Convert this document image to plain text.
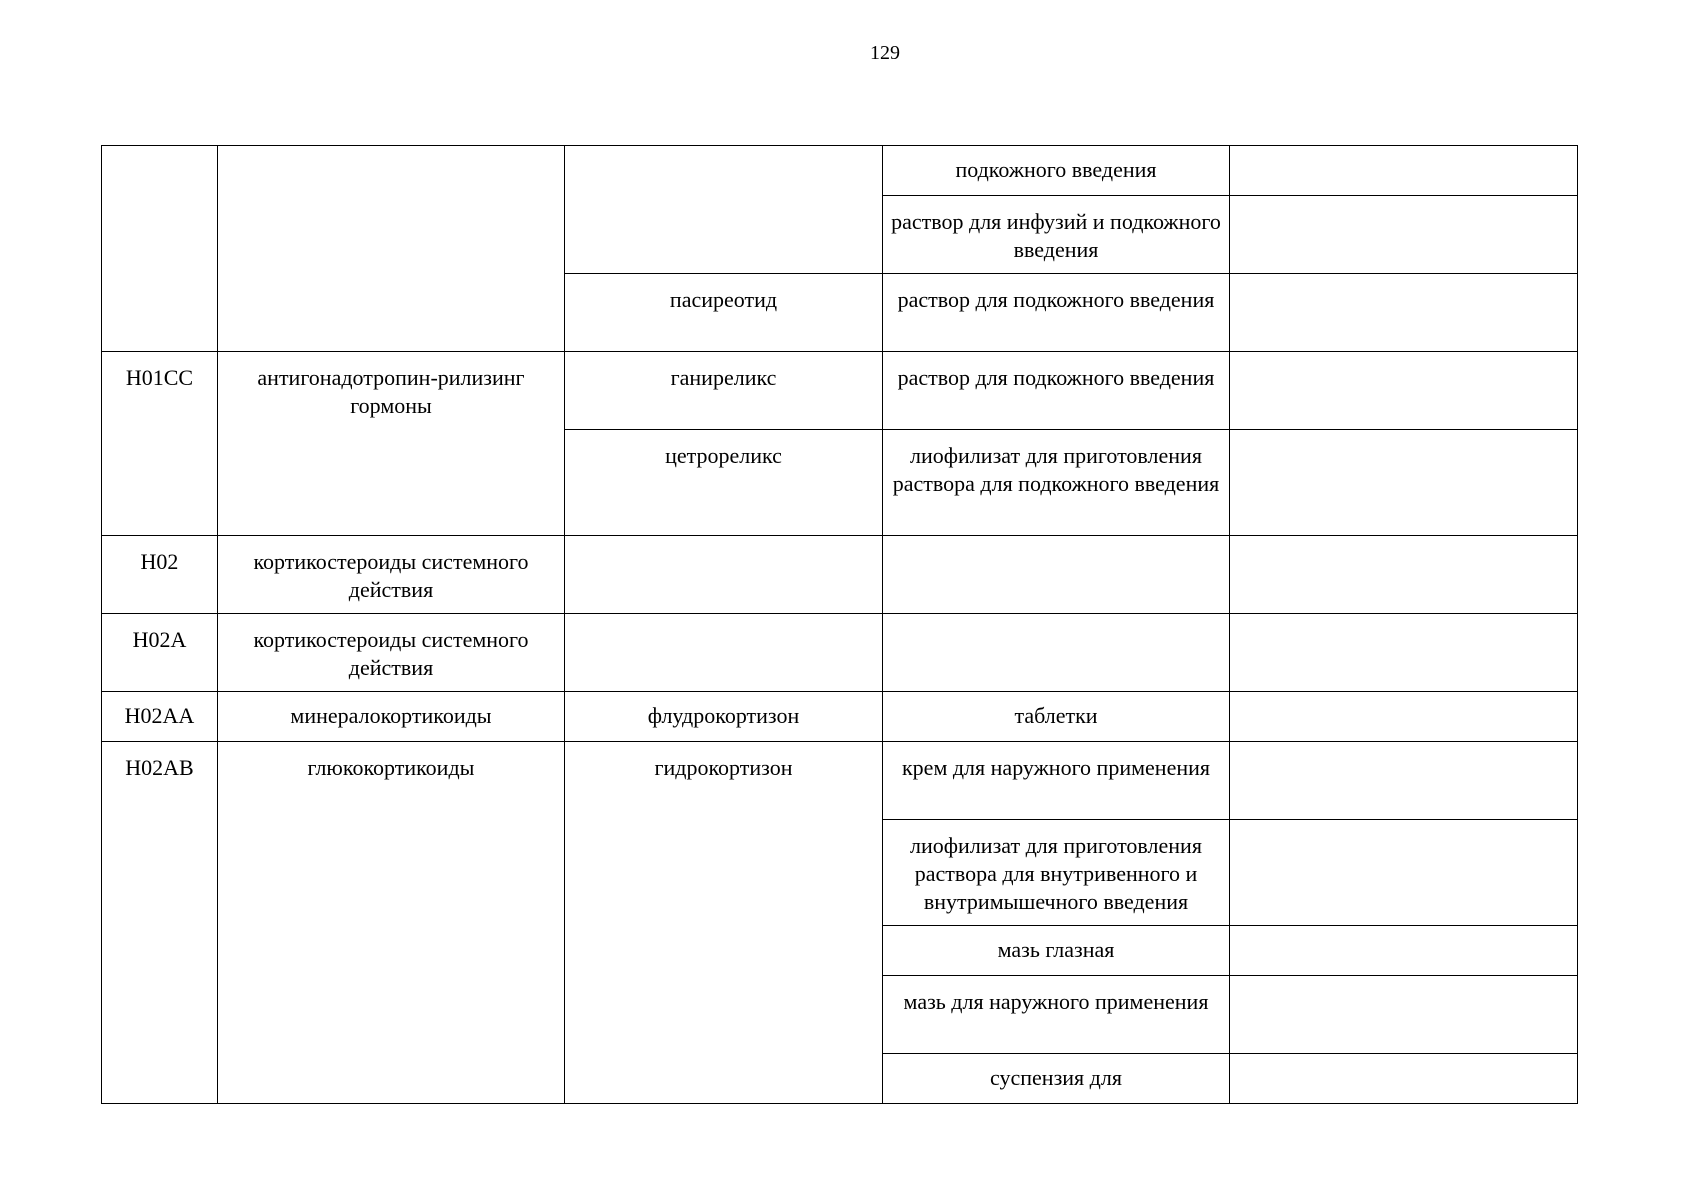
129
			подкожного введения	
			раствор для инфузий и подкожного введения	
		пасиреотид	раствор для подкожного введения	
H01CC	антигонадотропин-рилизинг гормоны	ганиреликс	раствор для подкожного введения	
		цетрореликс	лиофилизат для приготовления раствора для подкожного введения	
H02	кортикостероиды системного действия			
H02A	кортикостероиды системного действия			
H02AA	минералокортикоиды	флудрокортизон	таблетки	
H02AB	глюкокортикоиды	гидрокортизон	крем для наружного применения	
			лиофилизат для приготовления раствора для внутривенного и внутримышечного введения	
			мазь глазная	
			мазь для наружного применения	
			суспензия для	
